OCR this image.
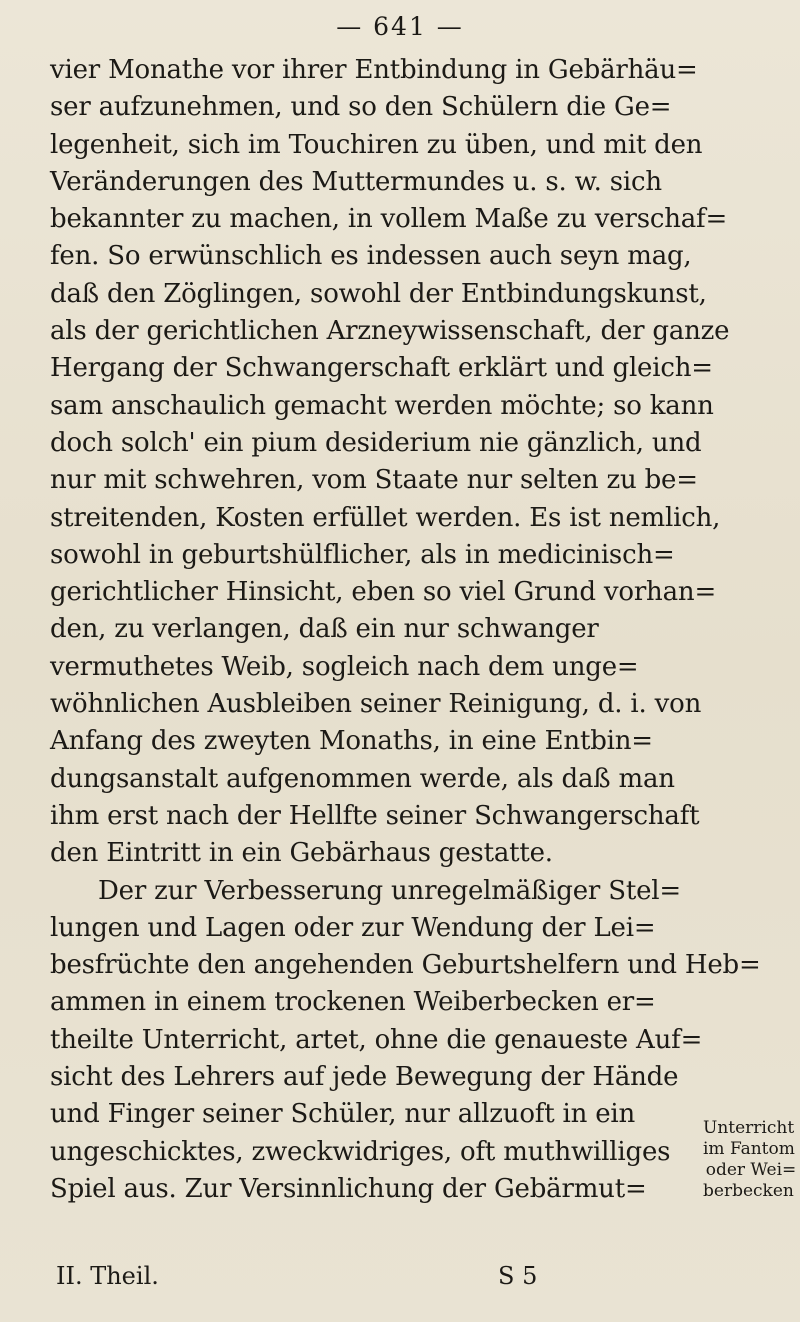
— 641 —
vier Monathe vor ihrer Entbindung in Gebärhäu=
ser aufzunehmen, und so den Schülern die Ge=
legenheit, sich im Touchiren zu üben, und mit den
Veränderungen des Muttermundes u. s. w. sich
bekannter zu machen, in vollem Maße zu verschaf=
fen. So erwünschlich es indessen auch seyn mag,
daß den Zöglingen, sowohl der Entbindungskunst,
als der gerichtlichen Arzneywissenschaft, der ganze
Hergang der Schwangerschaft erklärt und gleich=
sam anschaulich gemacht werden möchte; so kann
doch solch' ein pium desiderium nie gänzlich, und
nur mit schwehren, vom Staate nur selten zu be=
streitenden, Kosten erfüllet werden. Es ist nemlich,
sowohl in geburtshülflicher, als in medicinisch=
gerichtlicher Hinsicht, eben so viel Grund vorhan=
den, zu verlangen, daß ein nur schwanger
vermuthetes Weib, sogleich nach dem unge=
wöhnlichen Ausbleiben seiner Reinigung, d. i. von
Anfang des zweyten Monaths, in eine Entbin=
dungsanstalt aufgenommen werde, als daß man
ihm erst nach der Hellfte seiner Schwangerschaft
den Eintritt in ein Gebärhaus gestatte.
Der zur Verbesserung unregelmäßiger Stel=
lungen und Lagen oder zur Wendung der Lei=
besfrüchte den angehenden Geburtshelfern und Heb=
ammen in einem trockenen Weiberbecken er=
theilte Unterricht, artet, ohne die genaueste Auf=
sicht des Lehrers auf jede Bewegung der Hände
und Finger seiner Schüler, nur allzuoft in ein
ungeschicktes, zweckwidriges, oft muthwilliges
Spiel aus. Zur Versinnlichung der Gebärmut=
Unterricht
im Fantom
oder Wei=
berbecken
II. Theil.	S 5
